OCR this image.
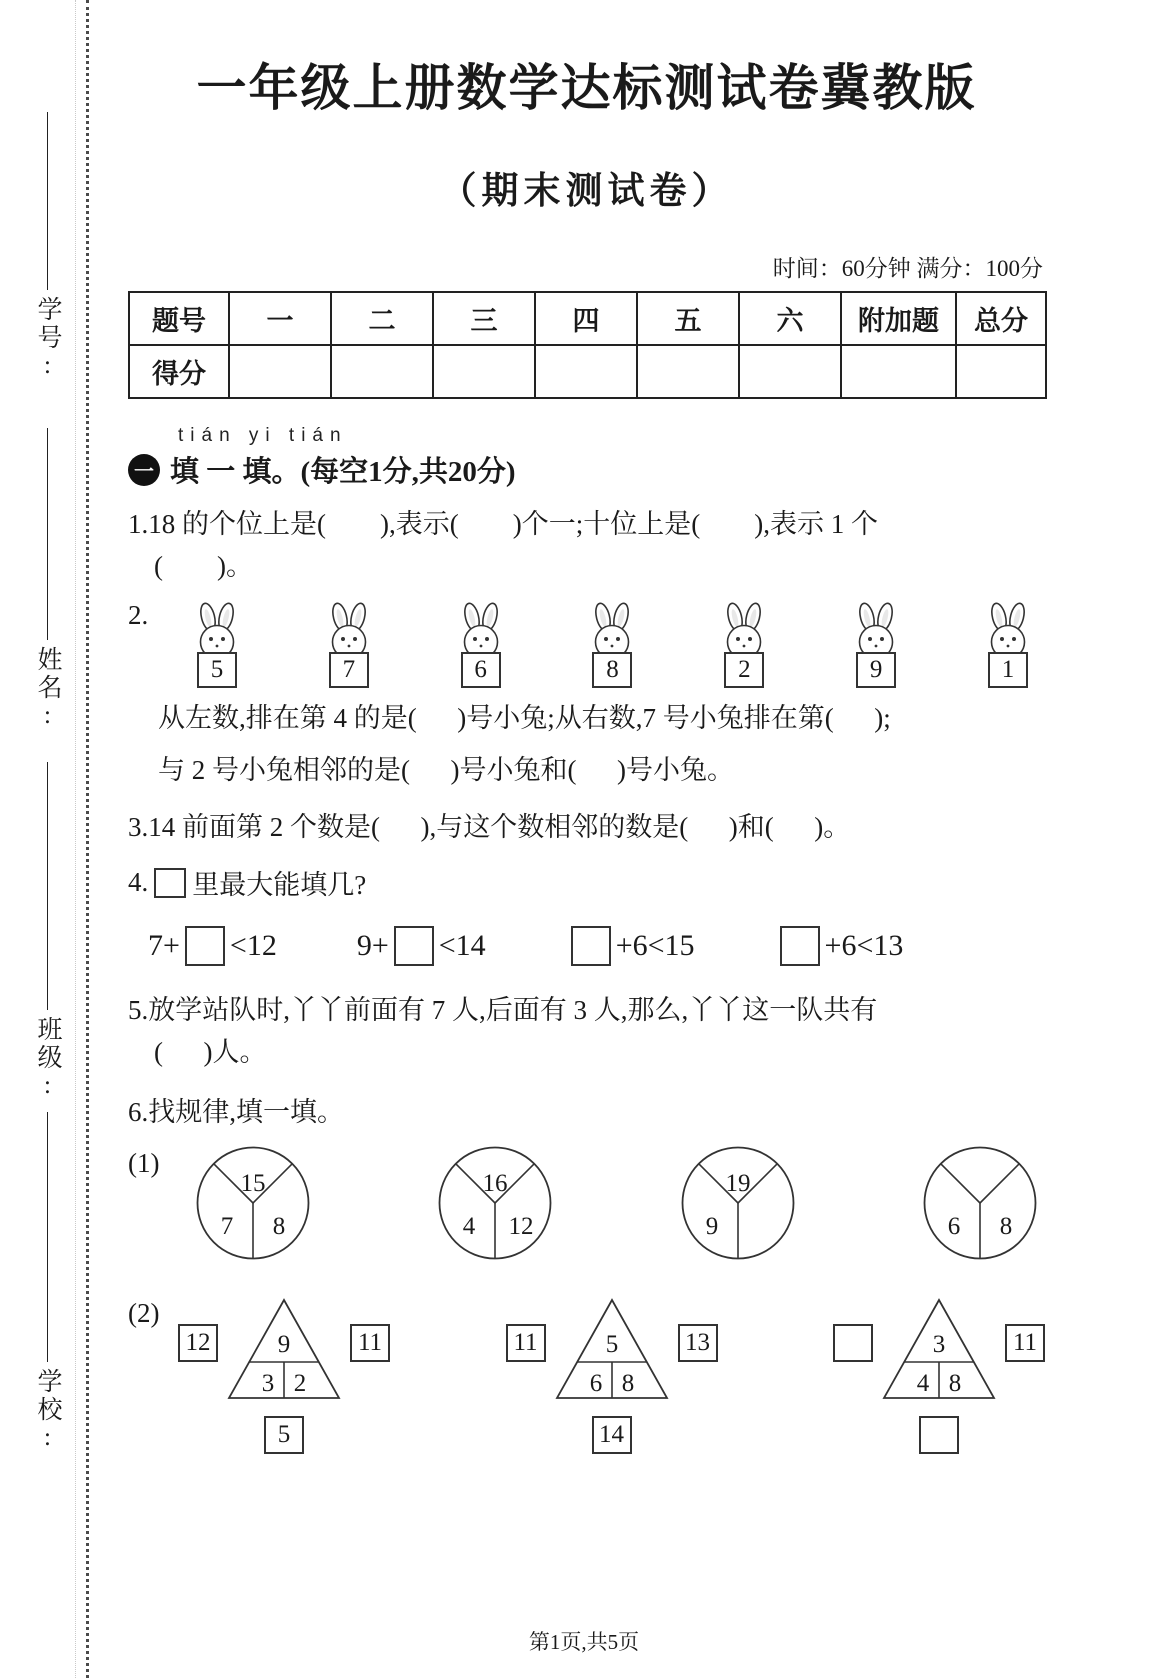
学号:
姓名:
班级:
学校:
一年级上册数学达标测试卷冀教版
（期末测试卷）
时间：60分钟 满分：100分
题号	一	二	三	四	五	六	附加题	总分
得分								
tián yi tián
一 填 一 填。(每空1分,共20分)
1.18 的个位上是(        ),表示(        )个一;十位上是(        ),表示 1 个
(        )。
2.
5	7	6	8	2	9	1
从左数,排在第 4 的是(      )号小兔;从右数,7 号小兔排在第(      );
与 2 号小兔相邻的是(      )号小兔和(      )号小兔。
3.14 前面第 2 个数是(      ),与这个数相邻的数是(      )和(      )。
4. 里最大能填几?
7+ <12	9+ <14	+6<15	+6<13
5.放学站队时,丫丫前面有 7 人,后面有 3 人,那么,丫丫这一队共有
(      )人。
6.找规律,填一填。
(1)
15
7 8
16
4 12
19
9	6 8
(2)
12	9
3 2
11
5
11	5
6 8
13
14
3
4 8
11
第1页,共5页
